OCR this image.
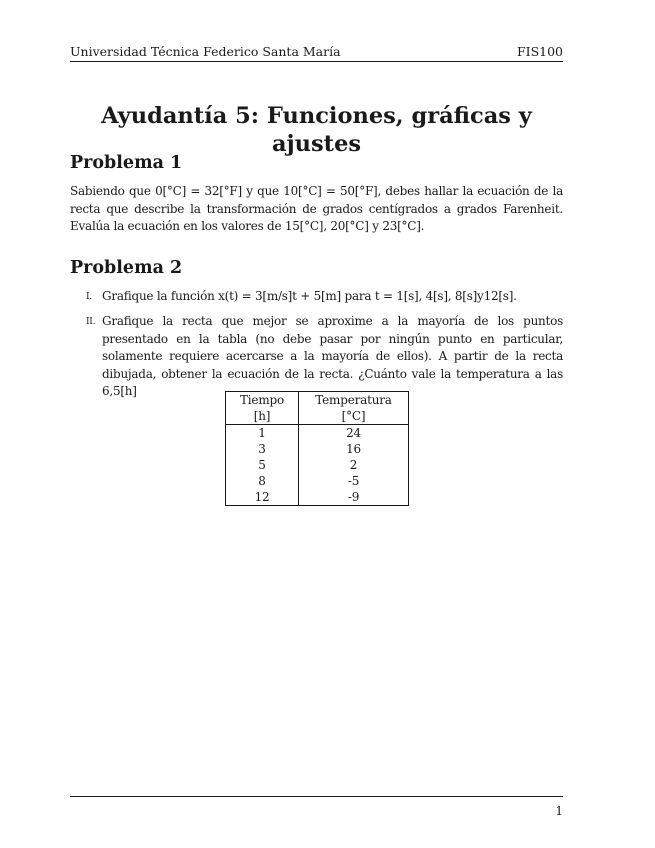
Universidad Técnica Federico Santa María	FIS100
Ayudantía 5: Funciones, gráficas y ajustes
Problema 1

Sabiendo que 0[°C] = 32[°F] y que 10[°C] = 50[°F], debes hallar la ecuación de la recta que describe la transformación de grados centígrados a grados Farenheit. Evalúa la ecuación en los valores de 15[°C], 20[°C] y 23[°C].

Problema 2
I. Grafique la función x(t) = 3[m/s]t + 5[m] para t = 1[s], 4[s], 8[s]y12[s].
II. Grafique la recta que mejor se aproxime a la mayoría de los puntos presentado en la tabla (no debe pasar por ningún punto en particular, solamente requiere acercarse a la mayoría de ellos). A partir de la recta dibujada, obtener la ecuación de la recta. ¿Cuánto vale la temperatura a las 6,5[h]
Tiempo [h]	Temperatura [°C]
1	24
3	16
5	2
8	-5
12	-9
1
